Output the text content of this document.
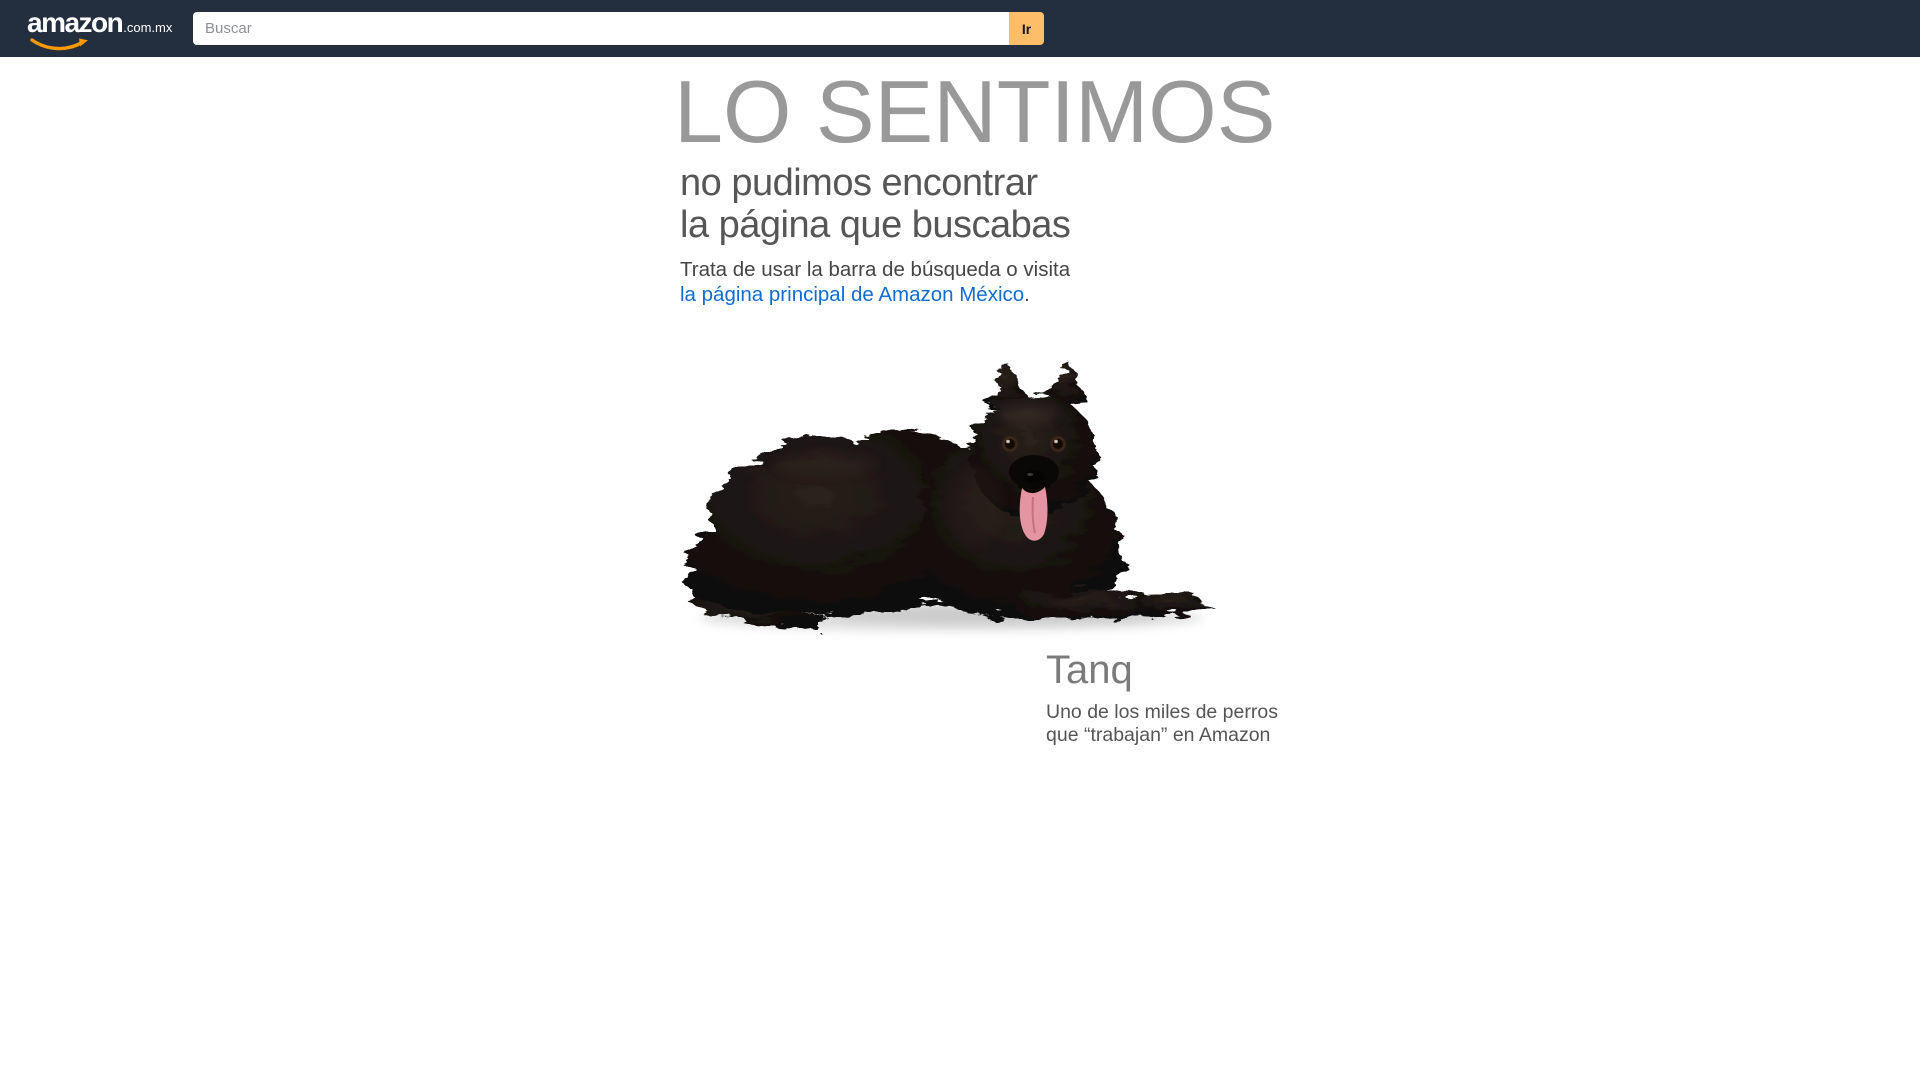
amazon .com.mx
Buscar	Ir
LO SENTIMOS
no pudimos encontrar
la página que buscabas
Trata de usar la barra de búsqueda o visita
la página principal de Amazon México.
Tanq
Uno de los miles de perros
que “trabajan” en Amazon
